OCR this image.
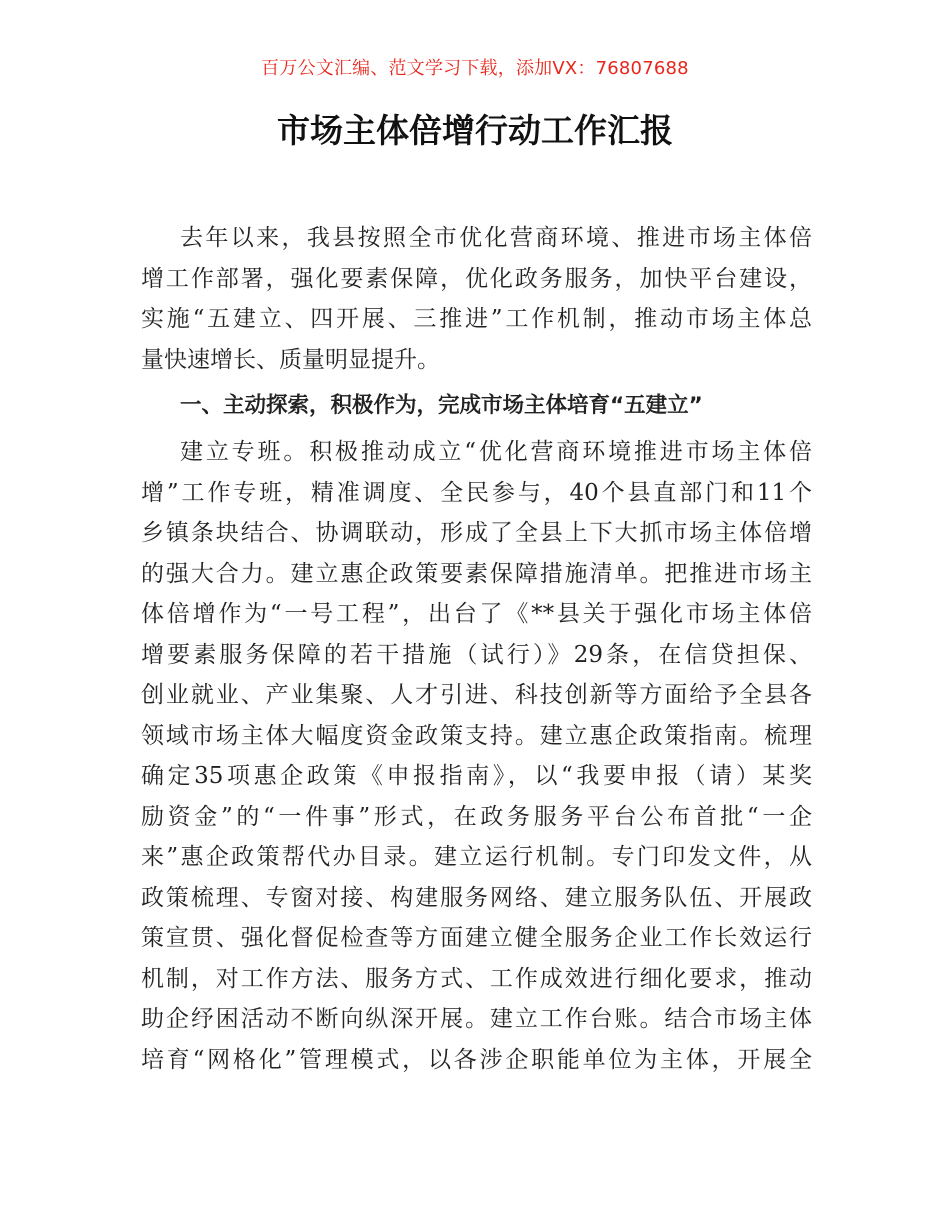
百万公文汇编、范文学习下载，添加VX：76807688
市场主体倍增行动工作汇报
去年以来，我县按照全市优化营商环境、推进市场主体倍
增工作部署，强化要素保障，优化政务服务，加快平台建设，
实施“五建立、四开展、三推进”工作机制，推动市场主体总
量快速增长、质量明显提升。
一、主动探索，积极作为，完成市场主体培育“五建立”
建立专班。积极推动成立“优化营商环境推进市场主体倍
增”工作专班，精准调度、全民参与，40个县直部门和11个
乡镇条块结合、协调联动，形成了全县上下大抓市场主体倍增
的强大合力。建立惠企政策要素保障措施清单。把推进市场主
体倍增作为“一号工程”，出台了《**县关于强化市场主体倍
增要素服务保障的若干措施（试行）》29条，在信贷担保、
创业就业、产业集聚、人才引进、科技创新等方面给予全县各
领域市场主体大幅度资金政策支持。建立惠企政策指南。梳理
确定35项惠企政策《申报指南》，以“我要申报（请）某奖
励资金”的“一件事”形式，在政务服务平台公布首批“一企
来”惠企政策帮代办目录。建立运行机制。专门印发文件，从
政策梳理、专窗对接、构建服务网络、建立服务队伍、开展政
策宣贯、强化督促检查等方面建立健全服务企业工作长效运行
机制，对工作方法、服务方式、工作成效进行细化要求，推动
助企纾困活动不断向纵深开展。建立工作台账。结合市场主体
培育“网格化”管理模式，以各涉企职能单位为主体，开展全
